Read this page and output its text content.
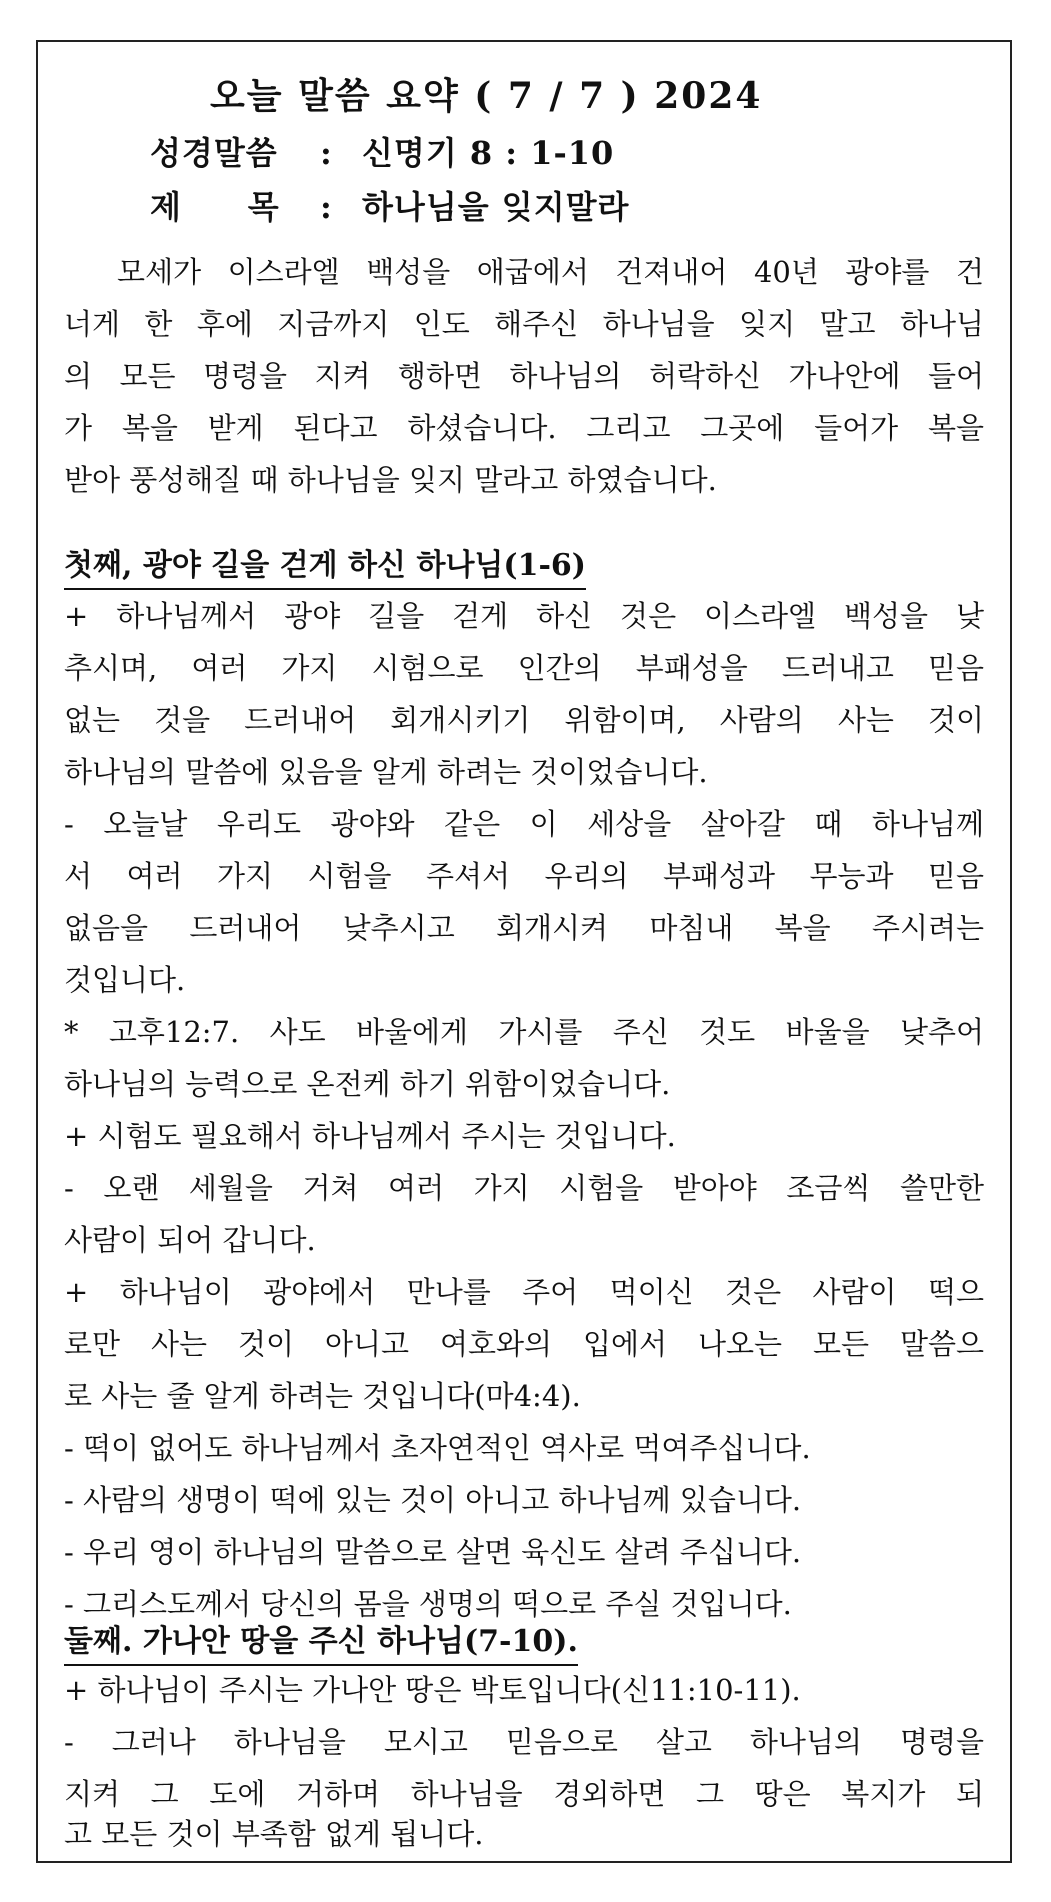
오늘 말씀 요약 ( 7 / 7 ) 2024
성경말씀 : 신명기 8 : 1-10
제      목 : 하나님을 잊지말라
모세가 이스라엘 백성을 애굽에서 건져내어 40년 광야를 건
너게 한 후에 지금까지 인도 해주신 하나님을 잊지 말고 하나님
의 모든 명령을 지켜 행하면 하나님의 허락하신 가나안에 들어
가 복을 받게 된다고 하셨습니다. 그리고 그곳에 들어가 복을
받아 풍성해질 때 하나님을 잊지 말라고 하였습니다.
첫째, 광야 길을 걷게 하신 하나님(1-6)
+ 하나님께서 광야 길을 걷게 하신 것은 이스라엘 백성을 낮
추시며, 여러 가지 시험으로 인간의 부패성을 드러내고 믿음
없는 것을 드러내어 회개시키기 위함이며, 사람의 사는 것이
하나님의 말씀에 있음을 알게 하려는 것이었습니다.
- 오늘날 우리도 광야와 같은 이 세상을 살아갈 때 하나님께
서 여러 가지 시험을 주셔서 우리의 부패성과 무능과 믿음
없음을 드러내어 낮추시고 회개시켜 마침내 복을 주시려는
것입니다.
* 고후12:7. 사도 바울에게 가시를 주신 것도 바울을 낮추어
하나님의 능력으로 온전케 하기 위함이었습니다.
+ 시험도 필요해서 하나님께서 주시는 것입니다.
- 오랜 세월을 거쳐 여러 가지 시험을 받아야 조금씩 쓸만한
사람이 되어 갑니다.
+ 하나님이 광야에서 만나를 주어 먹이신 것은 사람이 떡으
로만 사는 것이 아니고 여호와의 입에서 나오는 모든 말씀으
로 사는 줄 알게 하려는 것입니다(마4:4).
- 떡이 없어도 하나님께서 초자연적인 역사로 먹여주십니다.
- 사람의 생명이 떡에 있는 것이 아니고 하나님께 있습니다.
- 우리 영이 하나님의 말씀으로 살면 육신도 살려 주십니다.
- 그리스도께서 당신의 몸을 생명의 떡으로 주실 것입니다.
둘째. 가나안 땅을 주신 하나님(7-10).
+ 하나님이 주시는 가나안 땅은 박토입니다(신11:10-11).
- 그러나 하나님을 모시고 믿음으로 살고 하나님의 명령을
지켜 그 도에 거하며 하나님을 경외하면 그 땅은 복지가 되
고 모든 것이 부족함 없게 됩니다.
